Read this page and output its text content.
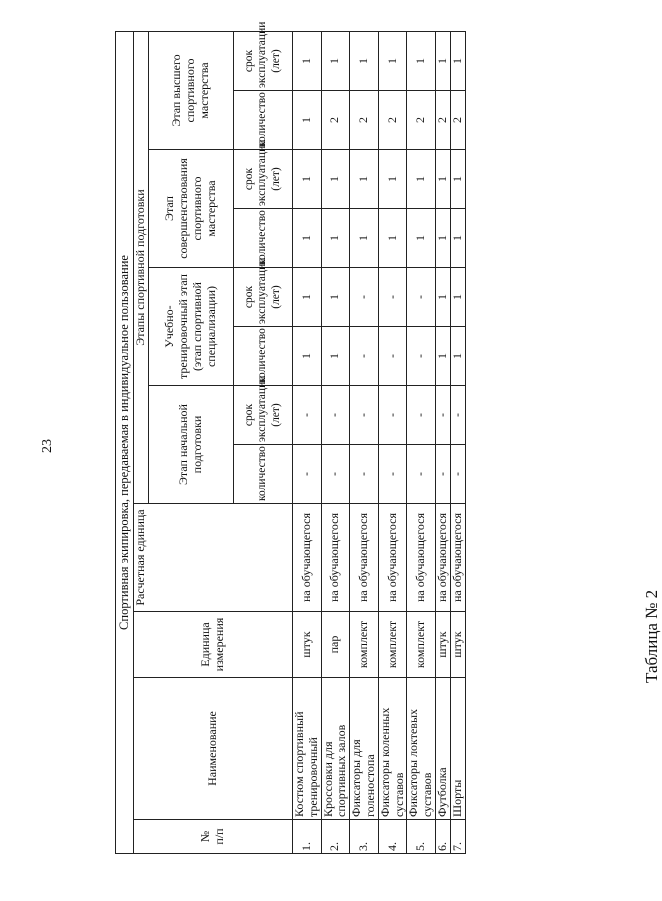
23
Таблица № 2
Спортивная экипировка, передаваемая в индивидуальное пользование											
№
п/п	Наименование	Единица измерения	Расчетная единица	Этапы спортивной подготовки							
				Этап начальной подготовки		Учебно-тренировочный этап (этап спортивной специализации)		Этап совершенствования спортивного мастерства		Этап высшего спортивного мастерства	
				количество	срок эксплуатации (лет)	количество	срок эксплуатации (лет)	количество	срок эксплуатации (лет)	количество	срок эксплуатации (лет)
1.	Костюм спортивный тренировочный	штук	на обучающегося	-	-	1	1	1	1	1	1
2.	Кроссовки для спортивных залов	пар	на обучающегося	-	-	1	1	1	1	2	1
3.	Фиксаторы для голеностопа	комплект	на обучающегося	-	-	-	-	1	1	2	1
4.	Фиксаторы коленных суставов	комплект	на обучающегося	-	-	-	-	1	1	2	1
5.	Фиксаторы локтевых суставов	комплект	на обучающегося	-	-	-	-	1	1	2	1
6.	Футболка	штук	на обучающегося	-	-	1	1	1	1	2	1
7.	Шорты	штук	на обучающегося	-	-	1	1	1	1	2	1
